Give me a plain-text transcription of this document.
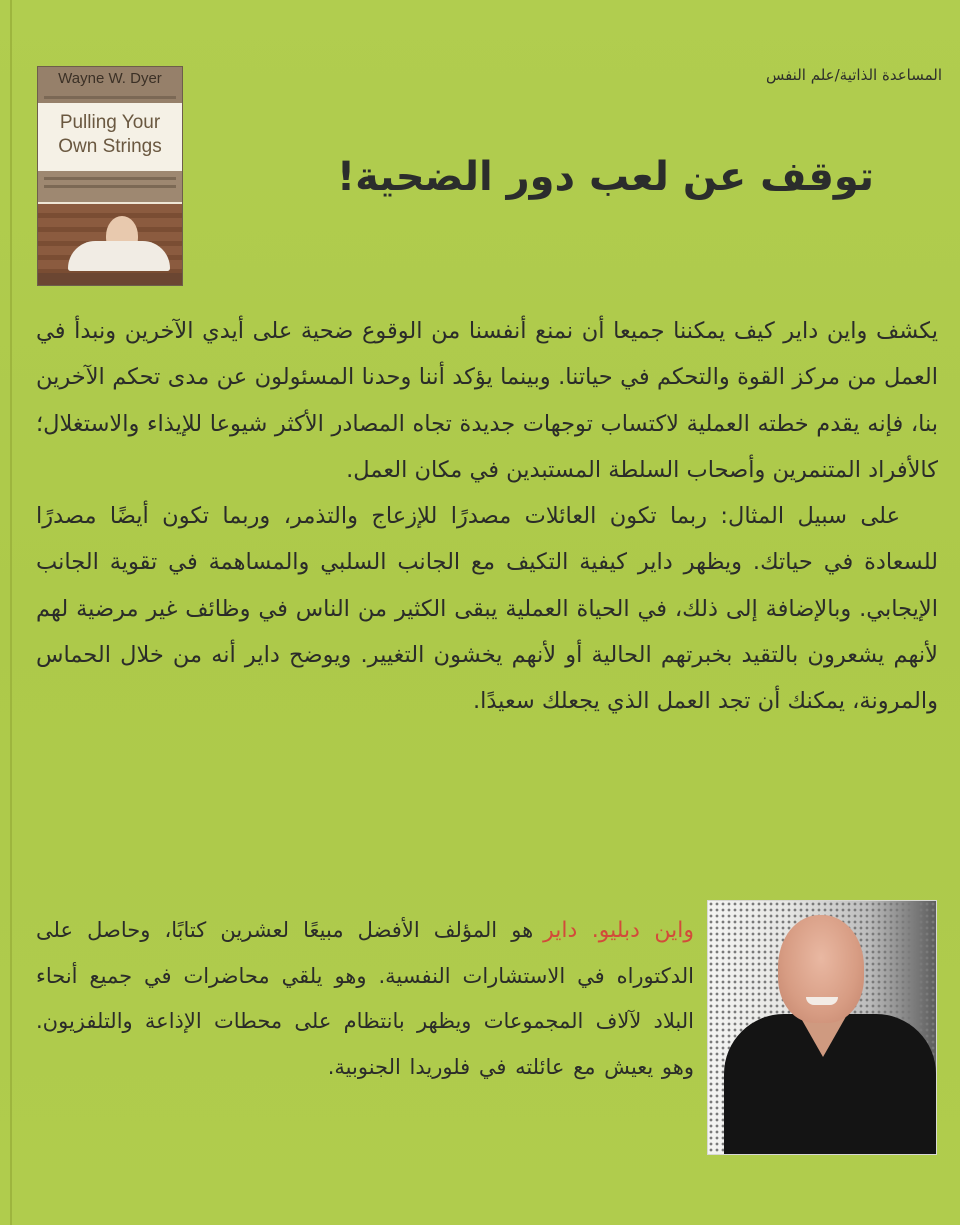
Wayne W. Dyer
Pulling Your
Own Strings
المساعدة الذاتية/علم النفس
توقف عن لعب دور الضحية!

يكشف واين داير كيف يمكننا جميعا أن نمنع أنفسنا من الوقوع ضحية على أيدي الآخرين ونبدأ في العمل من مركز القوة والتحكم في حياتنا. وبينما يؤكد أننا وحدنا المسئولون عن مدى تحكم الآخرين بنا، فإنه يقدم خطته العملية لاكتساب توجهات جديدة تجاه المصادر الأكثر شيوعا للإيذاء والاستغلال؛ كالأفراد المتنمرين وأصحاب السلطة المستبدين في مكان العمل.

على سبيل المثال: ربما تكون العائلات مصدرًا للإزعاج والتذمر، وربما تكون أيضًا مصدرًا للسعادة في حياتك. ويظهر داير كيفية التكيف مع الجانب السلبي والمساهمة في تقوية الجانب الإيجابي. وبالإضافة إلى ذلك، في الحياة العملية يبقى الكثير من الناس في وظائف غير مرضية لهم لأنهم يشعرون بالتقيد بخبرتهم الحالية أو لأنهم يخشون التغيير. ويوضح داير أنه من خلال الحماس والمرونة، يمكنك أن تجد العمل الذي يجعلك سعيدًا.

واين دبليو. دايرهو المؤلف الأفضل مبيعًا لعشرين كتابًا، وحاصل على الدكتوراه في الاستشارات النفسية. وهو يلقي محاضرات في جميع أنحاء البلاد لآلاف المجموعات ويظهر بانتظام على محطات الإذاعة والتلفزيون. وهو يعيش مع عائلته في فلوريدا الجنوبية.
